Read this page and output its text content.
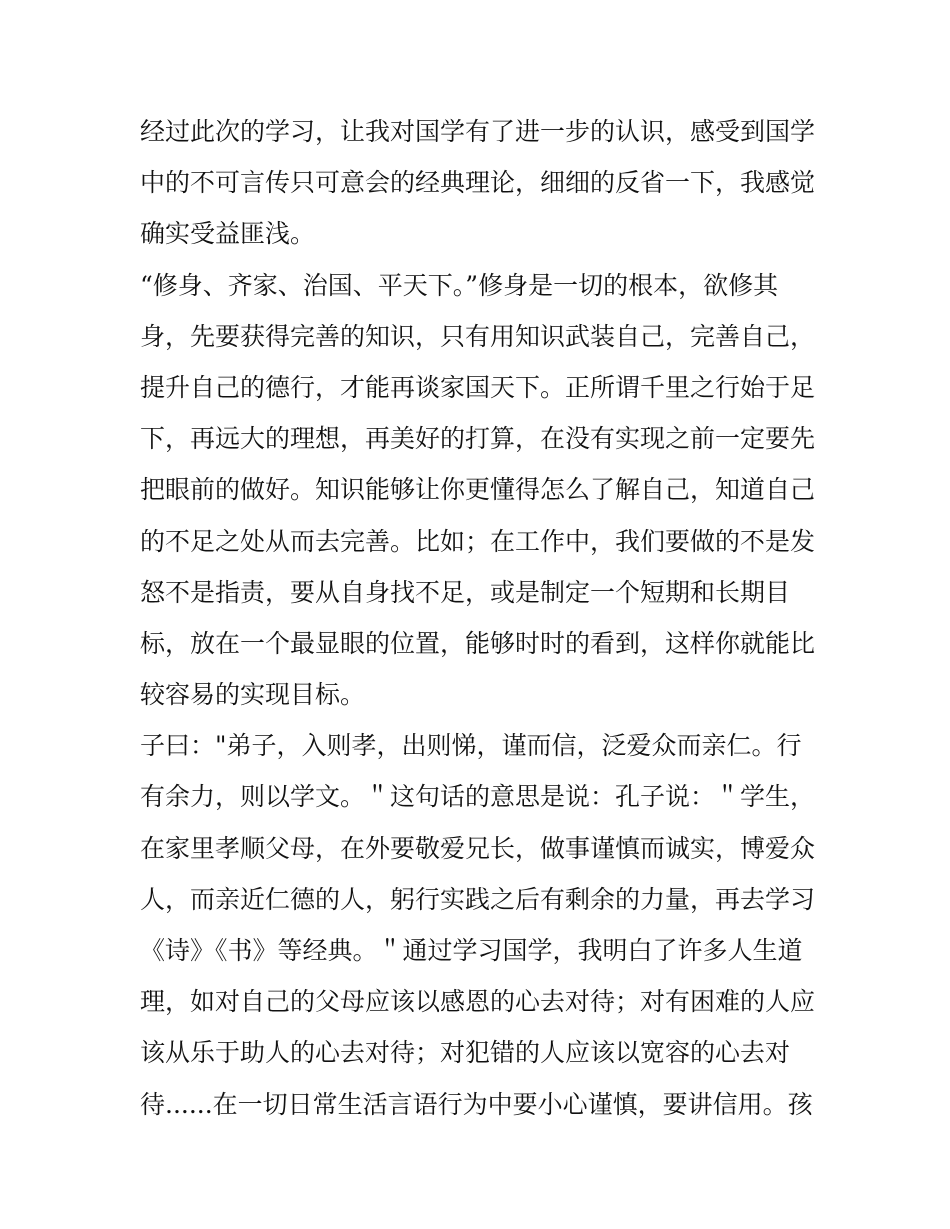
经过此次的学习，让我对国学有了进一步的认识，感受到国学
中的不可言传只可意会的经典理论，细细的反省一下，我感觉
确实受益匪浅。
“修身、齐家、治国、平天下。”修身是一切的根本，欲修其
身，先要获得完善的知识，只有用知识武装自己，完善自己，
提升自己的德行，才能再谈家国天下。正所谓千里之行始于足
下，再远大的理想，再美好的打算，在没有实现之前一定要先
把眼前的做好。知识能够让你更懂得怎么了解自己，知道自己
的不足之处从而去完善。比如；在工作中，我们要做的不是发
怒不是指责，要从自身找不足，或是制定一个短期和长期目
标，放在一个最显眼的位置，能够时时的看到，这样你就能比
较容易的实现目标。
子曰："弟子，入则孝，出则悌，谨而信，泛爱众而亲仁。行
有余力，则以学文。＂这句话的意思是说：孔子说：＂学生，
在家里孝顺父母，在外要敬爱兄长，做事谨慎而诚实，博爱众
人，而亲近仁德的人，躬行实践之后有剩余的力量，再去学习
《诗》《书》等经典。＂通过学习国学，我明白了许多人生道
理，如对自己的父母应该以感恩的心去对待；对有困难的人应
该从乐于助人的心去对待；对犯错的人应该以宽容的心去对
待......在一切日常生活言语行为中要小心谨慎，要讲信用。孩
